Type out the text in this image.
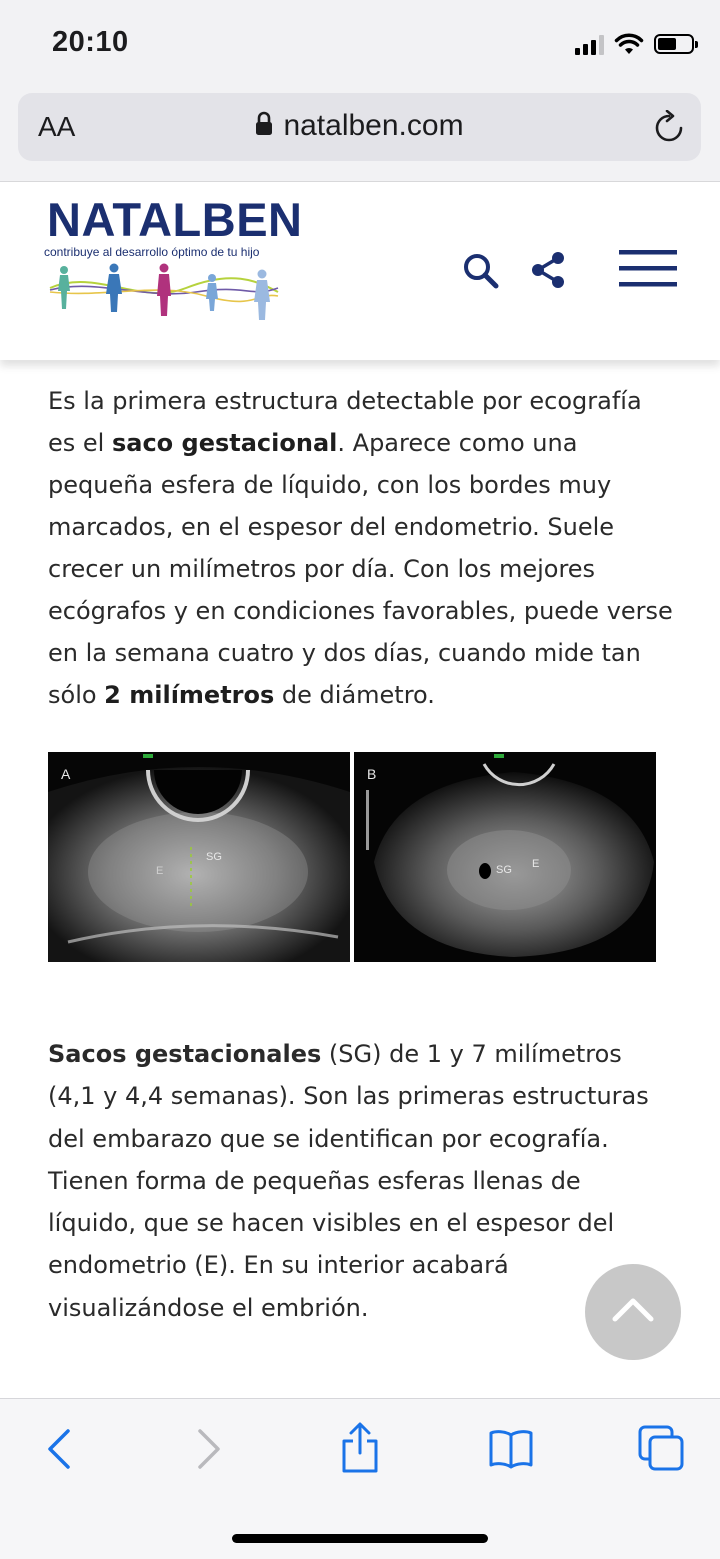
20:10
AA	natalben.com
NATALBEN
contribuye al desarrollo óptimo de tu hijo

Es la primera estructura detectable por ecografía es el saco gestacional. Aparece como una pequeña esfera de líquido, con los bordes muy marcados, en el espesor del endometrio. Suele crecer un milímetros por día. Con los mejores ecógrafos y en condiciones favorables, puede verse en la semana cuatro y dos días, cuando mide tan sólo 2 milímetros de diámetro.

A
SG
E
B
SG E

Sacos gestacionales (SG) de 1 y 7 milímetros (4,1 y 4,4 semanas). Son las primeras estructuras del embarazo que se identifican por ecografía. Tienen forma de pequeñas esferas llenas de líquido, que se hacen visibles en el espesor del endometrio (E). En su interior acabará visualizándose el embrión.
